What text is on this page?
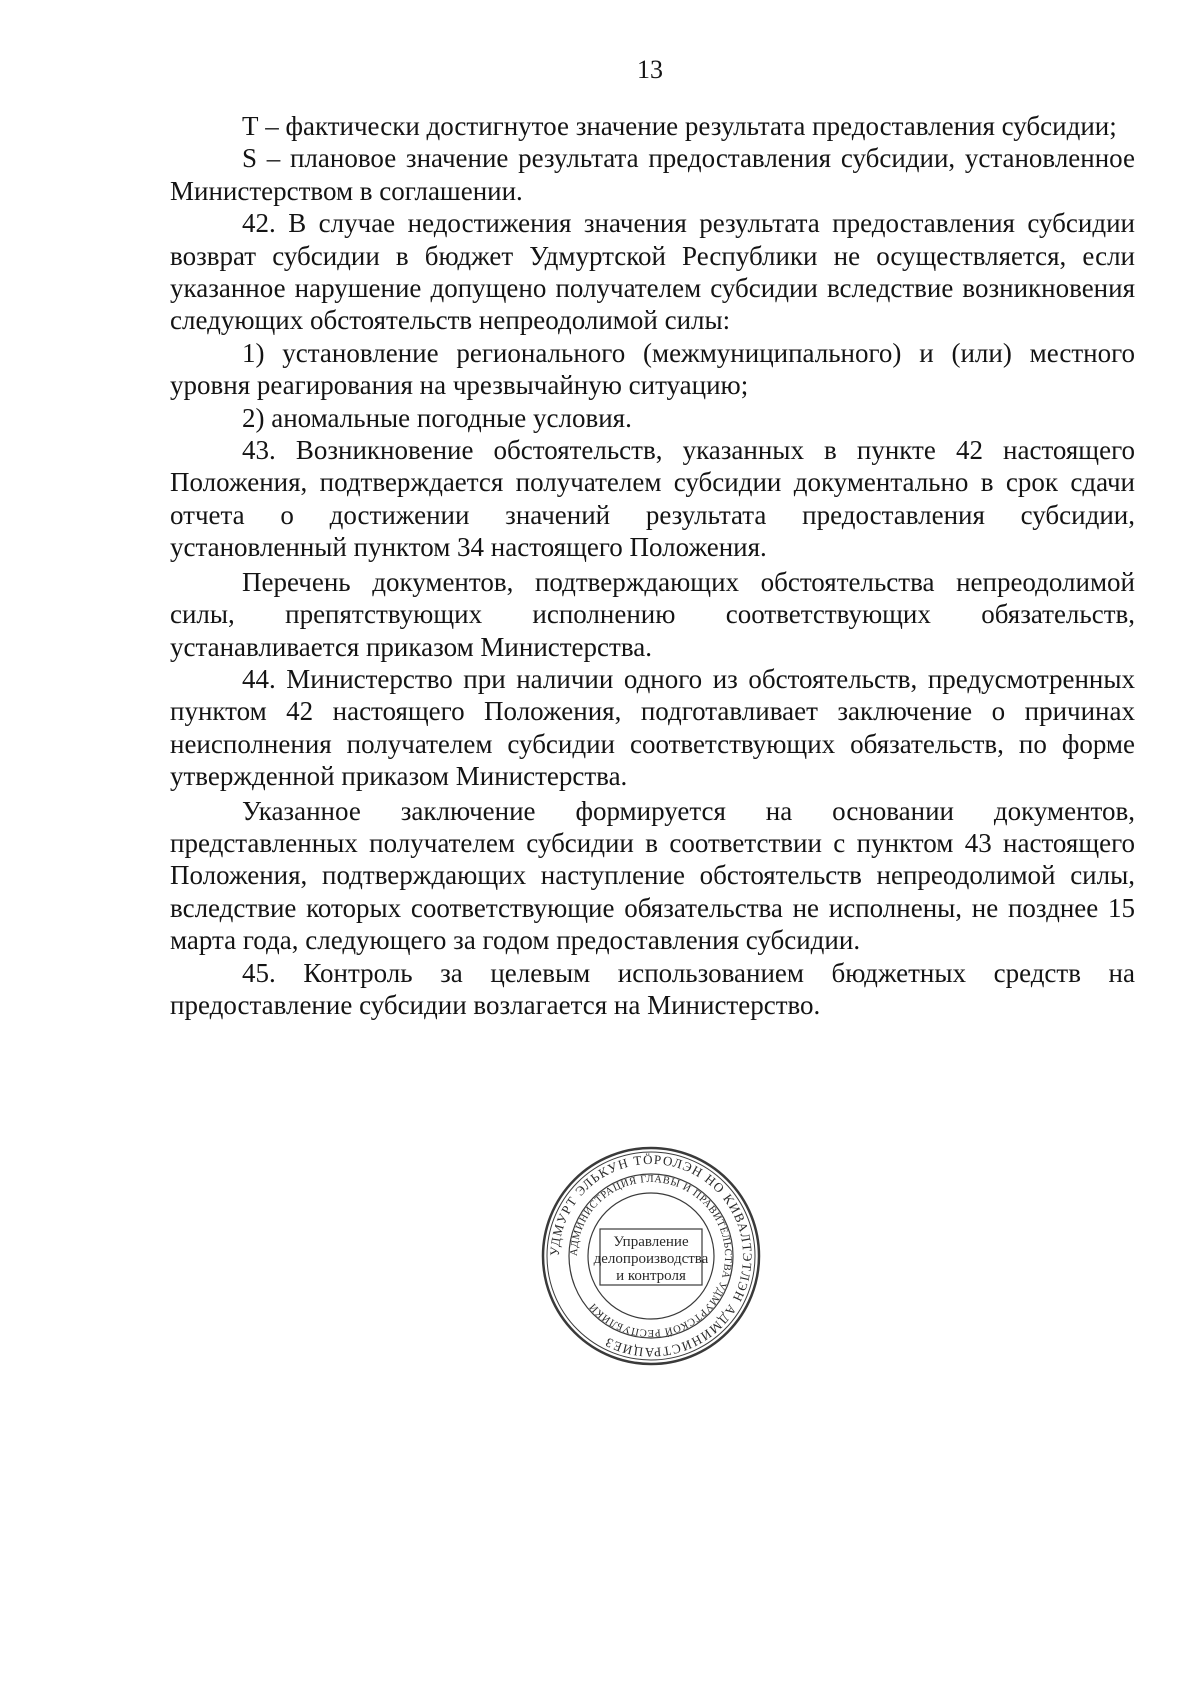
13

Т – фактически достигнутое значение результата предоставления субсидии;

S – плановое значение результата предоставления субсидии, установленное Министерством в соглашении.

42. В случае недостижения значения результата предоставления субсидии возврат субсидии в бюджет Удмуртской Республики не осуществляется, если указанное нарушение допущено получателем субсидии вследствие возникновения следующих обстоятельств непреодолимой силы:

1) установление регионального (межмуниципального) и (или) местного уровня реагирования на чрезвычайную ситуацию;

2) аномальные погодные условия.

43. Возникновение обстоятельств, указанных в пункте 42 настоящего Положения, подтверждается получателем субсидии документально в срок сдачи отчета о достижении значений результата предоставления субсидии, установленный пунктом 34 настоящего Положения.

Перечень документов, подтверждающих обстоятельства непреодолимой силы, препятствующих исполнению соответствующих обязательств, устанавливается приказом Министерства.

44. Министерство при наличии одного из обстоятельств, предусмотренных пунктом 42 настоящего Положения, подготавливает заключение о причинах неисполнения получателем субсидии соответствующих обязательств, по форме утвержденной приказом Министерства.

Указанное заключение формируется на основании документов, представленных получателем субсидии в соответствии с пунктом 43 настоящего Положения, подтверждающих наступление обстоятельств непреодолимой силы, вследствие которых соответствующие обязательства не исполнены, не позднее 15 марта года, следующего за годом предоставления субсидии.

45. Контроль за целевым использованием бюджетных средств на предоставление субсидии возлагается на Министерство.

УДМУРТ ЭЛЬКУН ТӦРОЛЭН НО КИВАЛТЭТЛЭН АДМИНИСТРАЦИЕЗ
АДМИНИСТРАЦИЯ ГЛАВЫ И ПРАВИТЕЛЬСТВА УДМУРТСКОЙ РЕСПУБЛИКИ
Управление
делопроизводства
и контроля
